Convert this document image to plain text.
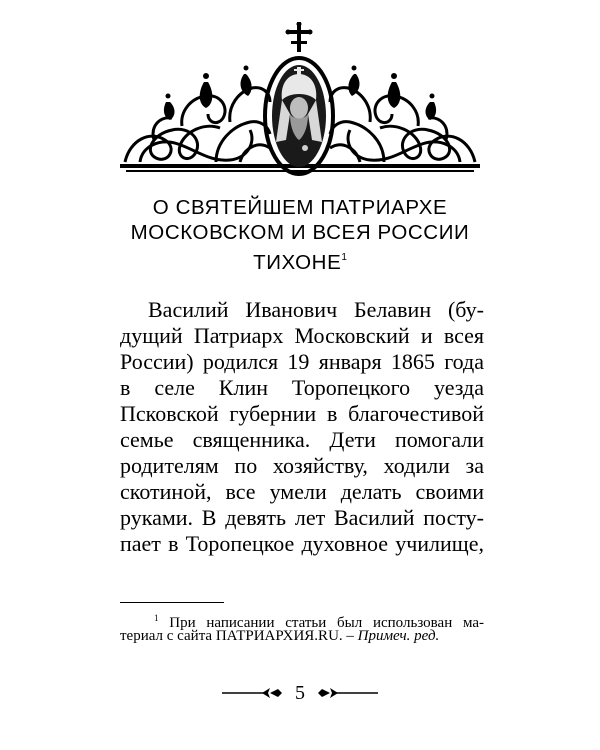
О СВЯТЕЙШЕМ ПАТРИАРХЕ
МОСКОВСКОМ И ВСЕЯ РОССИИ
ТИХОНЕ$^1$
Василий Иванович Белавин (бу-
дущий Патриарх Московский и всея
России) родился 19 января 1865 года
в селе Клин Торопецкого уезда
Псковской губернии в благочестивой
семье священника. Дети помогали
родителям по хозяйству, ходили за
скотиной, все умели делать своими
руками. В девять лет Василий посту-
пает в Торопецкое духовное училище,
$^1$ При написании статьи был использован ма-
териал с сайта ПАТРИАРХИЯ.RU. – Примеч. ред.
5
